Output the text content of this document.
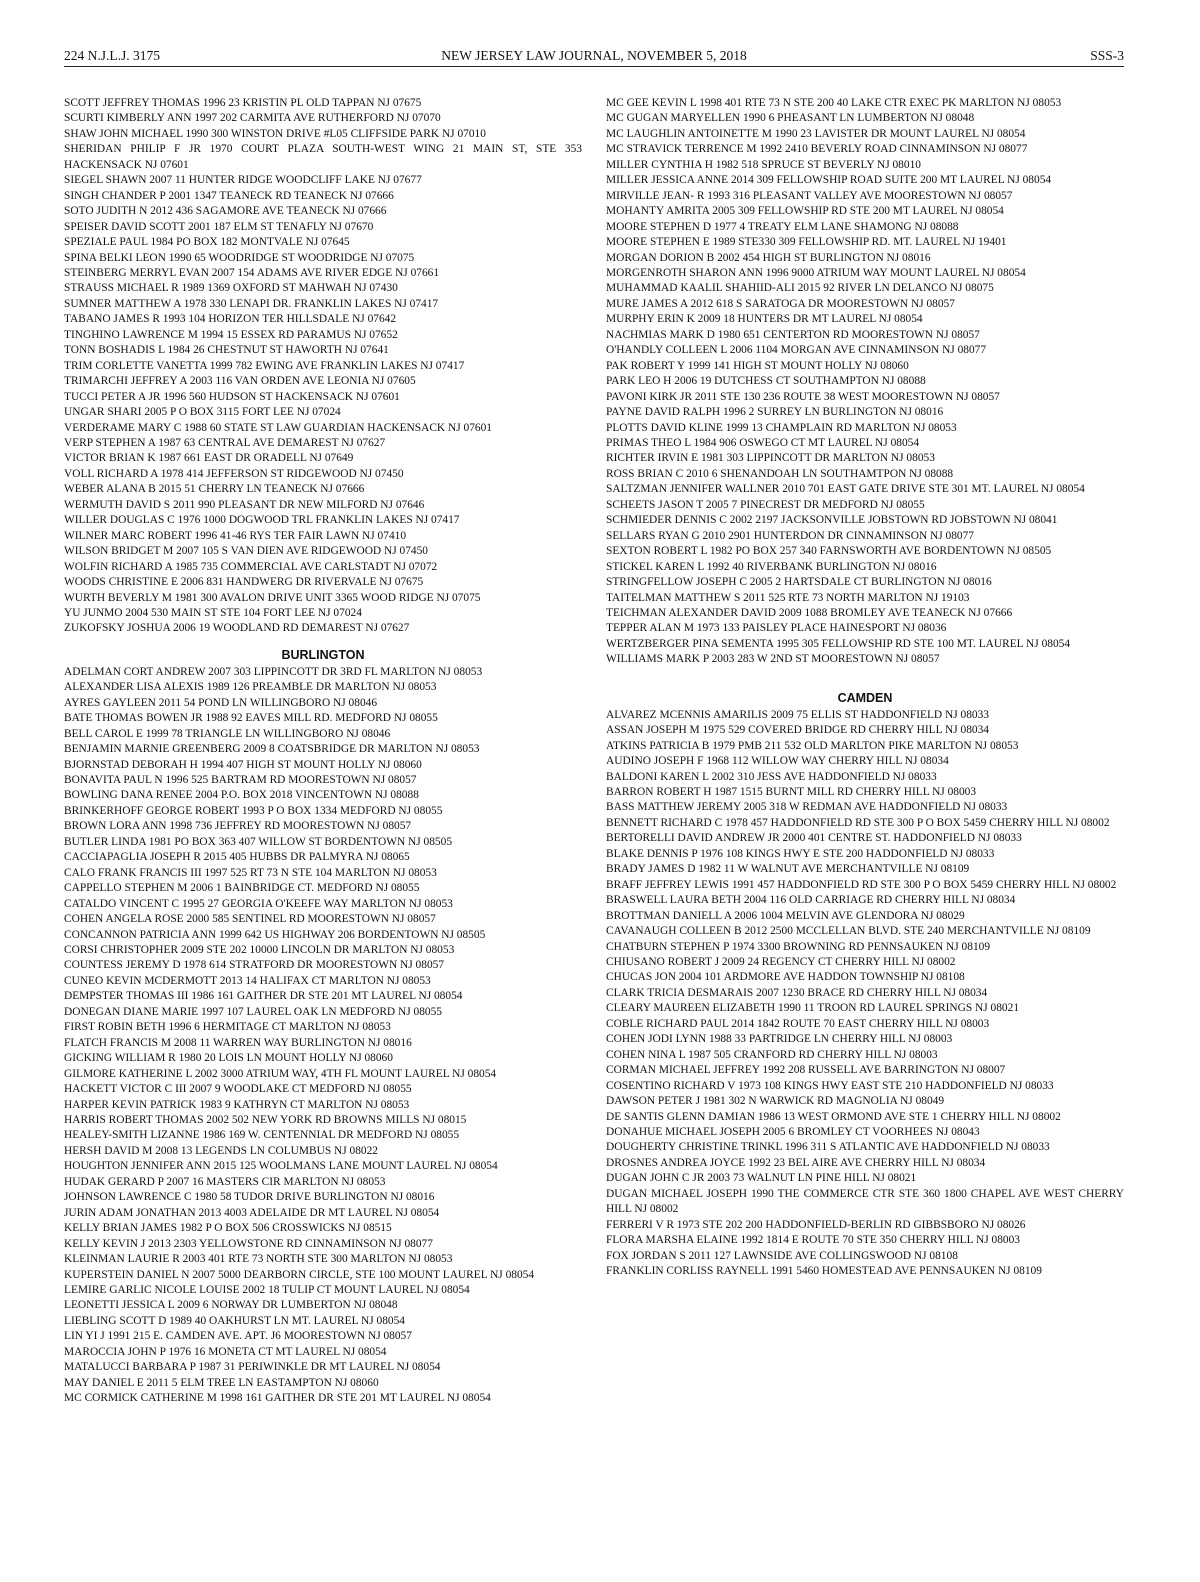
224 N.J.L.J. 3175	NEW JERSEY LAW JOURNAL, NOVEMBER 5, 2018	SSS-3
SCOTT JEFFREY THOMAS 1996 23 KRISTIN PL OLD TAPPAN NJ 07675
SCURTI KIMBERLY ANN 1997 202 CARMITA AVE RUTHERFORD NJ 07070
SHAW JOHN MICHAEL 1990 300 WINSTON DRIVE #L05 CLIFFSIDE PARK NJ 07010
SHERIDAN PHILIP F JR 1970 COURT PLAZA SOUTH-WEST WING 21 MAIN ST, STE 353 HACKENSACK NJ 07601
SIEGEL SHAWN 2007 11 HUNTER RIDGE WOODCLIFF LAKE NJ 07677
SINGH CHANDER P 2001 1347 TEANECK RD TEANECK NJ 07666
SOTO JUDITH N 2012 436 SAGAMORE AVE TEANECK NJ 07666
SPEISER DAVID SCOTT 2001 187 ELM ST TENAFLY NJ 07670
SPEZIALE PAUL 1984 PO BOX 182 MONTVALE NJ 07645
SPINA BELKI LEON 1990 65 WOODRIDGE ST WOODRIDGE NJ 07075
STEINBERG MERRYL EVAN 2007 154 ADAMS AVE RIVER EDGE NJ 07661
STRAUSS MICHAEL R 1989 1369 OXFORD ST MAHWAH NJ 07430
SUMNER MATTHEW A 1978 330 LENAPI DR. FRANKLIN LAKES NJ 07417
TABANO JAMES R 1993 104 HORIZON TER HILLSDALE NJ 07642
TINGHINO LAWRENCE M 1994 15 ESSEX RD PARAMUS NJ 07652
TONN BOSHADIS L 1984 26 CHESTNUT ST HAWORTH NJ 07641
TRIM CORLETTE VANETTA 1999 782 EWING AVE FRANKLIN LAKES NJ 07417
TRIMARCHI JEFFREY A 2003 116 VAN ORDEN AVE LEONIA NJ 07605
TUCCI PETER A JR 1996 560 HUDSON ST HACKENSACK NJ 07601
UNGAR SHARI 2005 P O BOX 3115 FORT LEE NJ 07024
VERDERAME MARY C 1988 60 STATE ST LAW GUARDIAN HACKENSACK NJ 07601
VERP STEPHEN A 1987 63 CENTRAL AVE DEMAREST NJ 07627
VICTOR BRIAN K 1987 661 EAST DR ORADELL NJ 07649
VOLL RICHARD A 1978 414 JEFFERSON ST RIDGEWOOD NJ 07450
WEBER ALANA B 2015 51 CHERRY LN TEANECK NJ 07666
WERMUTH DAVID S 2011 990 PLEASANT DR NEW MILFORD NJ 07646
WILLER DOUGLAS C 1976 1000 DOGWOOD TRL FRANKLIN LAKES NJ 07417
WILNER MARC ROBERT 1996 41-46 RYS TER FAIR LAWN NJ 07410
WILSON BRIDGET M 2007 105 S VAN DIEN AVE RIDGEWOOD NJ 07450
WOLFIN RICHARD A 1985 735 COMMERCIAL AVE CARLSTADT NJ 07072
WOODS CHRISTINE E 2006 831 HANDWERG DR RIVERVALE NJ 07675
WURTH BEVERLY M 1981 300 AVALON DRIVE UNIT 3365 WOOD RIDGE NJ 07075
YU JUNMO 2004 530 MAIN ST STE 104 FORT LEE NJ 07024
ZUKOFSKY JOSHUA 2006 19 WOODLAND RD DEMAREST NJ 07627
BURLINGTON
ADELMAN CORT ANDREW 2007 303 LIPPINCOTT DR 3RD FL MARLTON NJ 08053
ALEXANDER LISA ALEXIS 1989 126 PREAMBLE DR MARLTON NJ 08053
AYRES GAYLEEN 2011 54 POND LN WILLINGBORO NJ 08046
BATE THOMAS BOWEN JR 1988 92 EAVES MILL RD. MEDFORD NJ 08055
BELL CAROL E 1999 78 TRIANGLE LN WILLINGBORO NJ 08046
BENJAMIN MARNIE GREENBERG 2009 8 COATSBRIDGE DR MARLTON NJ 08053
BJORNSTAD DEBORAH H 1994 407 HIGH ST MOUNT HOLLY NJ 08060
BONAVITA PAUL N 1996 525 BARTRAM RD MOORESTOWN NJ 08057
BOWLING DANA RENEE 2004 P.O. BOX 2018 VINCENTOWN NJ 08088
BRINKERHOFF GEORGE ROBERT 1993 P O BOX 1334 MEDFORD NJ 08055
BROWN LORA ANN 1998 736 JEFFREY RD MOORESTOWN NJ 08057
BUTLER LINDA 1981 PO BOX 363 407 WILLOW ST BORDENTOWN NJ 08505
CACCIAPAGLIA JOSEPH R 2015 405 HUBBS DR PALMYRA NJ 08065
CALO FRANK FRANCIS III 1997 525 RT 73 N STE 104 MARLTON NJ 08053
CAPPELLO STEPHEN M 2006 1 BAINBRIDGE CT. MEDFORD NJ 08055
CATALDO VINCENT C 1995 27 GEORGIA O'KEEFE WAY MARLTON NJ 08053
COHEN ANGELA ROSE 2000 585 SENTINEL RD MOORESTOWN NJ 08057
CONCANNON PATRICIA ANN 1999 642 US HIGHWAY 206 BORDENTOWN NJ 08505
CORSI CHRISTOPHER 2009 STE 202 10000 LINCOLN DR MARLTON NJ 08053
COUNTESS JEREMY D 1978 614 STRATFORD DR MOORESTOWN NJ 08057
CUNEO KEVIN MCDERMOTT 2013 14 HALIFAX CT MARLTON NJ 08053
DEMPSTER THOMAS III 1986 161 GAITHER DR STE 201 MT LAUREL NJ 08054
DONEGAN DIANE MARIE 1997 107 LAUREL OAK LN MEDFORD NJ 08055
FIRST ROBIN BETH 1996 6 HERMITAGE CT MARLTON NJ 08053
FLATCH FRANCIS M 2008 11 WARREN WAY BURLINGTON NJ 08016
GICKING WILLIAM R 1980 20 LOIS LN MOUNT HOLLY NJ 08060
GILMORE KATHERINE L 2002 3000 ATRIUM WAY, 4TH FL MOUNT LAUREL NJ 08054
HACKETT VICTOR C III 2007 9 WOODLAKE CT MEDFORD NJ 08055
HARPER KEVIN PATRICK 1983 9 KATHRYN CT MARLTON NJ 08053
HARRIS ROBERT THOMAS 2002 502 NEW YORK RD BROWNS MILLS NJ 08015
HEALEY-SMITH LIZANNE 1986 169 W. CENTENNIAL DR MEDFORD NJ 08055
HERSH DAVID M 2008 13 LEGENDS LN COLUMBUS NJ 08022
HOUGHTON JENNIFER ANN 2015 125 WOOLMANS LANE MOUNT LAUREL NJ 08054
HUDAK GERARD P 2007 16 MASTERS CIR MARLTON NJ 08053
JOHNSON LAWRENCE C 1980 58 TUDOR DRIVE BURLINGTON NJ 08016
JURIN ADAM JONATHAN 2013 4003 ADELAIDE DR MT LAUREL NJ 08054
KELLY BRIAN JAMES 1982 P O BOX 506 CROSSWICKS NJ 08515
KELLY KEVIN J 2013 2303 YELLOWSTONE RD CINNAMINSON NJ 08077
KLEINMAN LAURIE R 2003 401 RTE 73 NORTH STE 300 MARLTON NJ 08053
KUPERSTEIN DANIEL N 2007 5000 DEARBORN CIRCLE, STE 100 MOUNT LAUREL NJ 08054
LEMIRE GARLIC NICOLE LOUISE 2002 18 TULIP CT MOUNT LAUREL NJ 08054
LEONETTI JESSICA L 2009 6 NORWAY DR LUMBERTON NJ 08048
LIEBLING SCOTT D 1989 40 OAKHURST LN MT. LAUREL NJ 08054
LIN YI J 1991 215 E. CAMDEN AVE. APT. J6 MOORESTOWN NJ 08057
MAROCCIA JOHN P 1976 16 MONETA CT MT LAUREL NJ 08054
MATALUCCI BARBARA P 1987 31 PERIWINKLE DR MT LAUREL NJ 08054
MAY DANIEL E 2011 5 ELM TREE LN EASTAMPTON NJ 08060
MC CORMICK CATHERINE M 1998 161 GAITHER DR STE 201 MT LAUREL NJ 08054
MC GEE KEVIN L 1998 401 RTE 73 N STE 200 40 LAKE CTR EXEC PK MARLTON NJ 08053
MC GUGAN MARYELLEN 1990 6 PHEASANT LN LUMBERTON NJ 08048
MC LAUGHLIN ANTOINETTE M 1990 23 LAVISTER DR MOUNT LAUREL NJ 08054
MC STRAVICK TERRENCE M 1992 2410 BEVERLY ROAD CINNAMINSON NJ 08077
MILLER CYNTHIA H 1982 518 SPRUCE ST BEVERLY NJ 08010
MILLER JESSICA ANNE 2014 309 FELLOWSHIP ROAD SUITE 200 MT LAUREL NJ 08054
MIRVILLE JEAN- R 1993 316 PLEASANT VALLEY AVE MOORESTOWN NJ 08057
MOHANTY AMRITA 2005 309 FELLOWSHIP RD STE 200 MT LAUREL NJ 08054
MOORE STEPHEN D 1977 4 TREATY ELM LANE SHAMONG NJ 08088
MOORE STEPHEN E 1989 STE330 309 FELLOWSHIP RD. MT. LAUREL NJ 19401
MORGAN DORION B 2002 454 HIGH ST BURLINGTON NJ 08016
MORGENROTH SHARON ANN 1996 9000 ATRIUM WAY MOUNT LAUREL NJ 08054
MUHAMMAD KAALIL SHAHIID-ALI 2015 92 RIVER LN DELANCO NJ 08075
MURE JAMES A 2012 618 S SARATOGA DR MOORESTOWN NJ 08057
MURPHY ERIN K 2009 18 HUNTERS DR MT LAUREL NJ 08054
NACHMIAS MARK D 1980 651 CENTERTON RD MOORESTOWN NJ 08057
O'HANDLY COLLEEN L 2006 1104 MORGAN AVE CINNAMINSON NJ 08077
PAK ROBERT Y 1999 141 HIGH ST MOUNT HOLLY NJ 08060
PARK LEO H 2006 19 DUTCHESS CT SOUTHAMPTON NJ 08088
PAVONI KIRK JR 2011 STE 130 236 ROUTE 38 WEST MOORESTOWN NJ 08057
PAYNE DAVID RALPH 1996 2 SURREY LN BURLINGTON NJ 08016
PLOTTS DAVID KLINE 1999 13 CHAMPLAIN RD MARLTON NJ 08053
PRIMAS THEO L 1984 906 OSWEGO CT MT LAUREL NJ 08054
RICHTER IRVIN E 1981 303 LIPPINCOTT DR MARLTON NJ 08053
ROSS BRIAN C 2010 6 SHENANDOAH LN SOUTHAMTPON NJ 08088
SALTZMAN JENNIFER WALLNER 2010 701 EAST GATE DRIVE STE 301 MT. LAUREL NJ 08054
SCHEETS JASON T 2005 7 PINECREST DR MEDFORD NJ 08055
SCHMIEDER DENNIS C 2002 2197 JACKSONVILLE JOBSTOWN RD JOBSTOWN NJ 08041
SELLARS RYAN G 2010 2901 HUNTERDON DR CINNAMINSON NJ 08077
SEXTON ROBERT L 1982 PO BOX 257 340 FARNSWORTH AVE BORDENTOWN NJ 08505
STICKEL KAREN L 1992 40 RIVERBANK BURLINGTON NJ 08016
STRINGFELLOW JOSEPH C 2005 2 HARTSDALE CT BURLINGTON NJ 08016
TAITELMAN MATTHEW S 2011 525 RTE 73 NORTH MARLTON NJ 19103
TEICHMAN ALEXANDER DAVID 2009 1088 BROMLEY AVE TEANECK NJ 07666
TEPPER ALAN M 1973 133 PAISLEY PLACE HAINESPORT NJ 08036
WERTZBERGER PINA SEMENTA 1995 305 FELLOWSHIP RD STE 100 MT. LAUREL NJ 08054
WILLIAMS MARK P 2003 283 W 2ND ST MOORESTOWN NJ 08057
CAMDEN
ALVAREZ MCENNIS AMARILIS 2009 75 ELLIS ST HADDONFIELD NJ 08033
ASSAN JOSEPH M 1975 529 COVERED BRIDGE RD CHERRY HILL NJ 08034
ATKINS PATRICIA B 1979 PMB 211 532 OLD MARLTON PIKE MARLTON NJ 08053
AUDINO JOSEPH F 1968 112 WILLOW WAY CHERRY HILL NJ 08034
BALDONI KAREN L 2002 310 JESS AVE HADDONFIELD NJ 08033
BARRON ROBERT H 1987 1515 BURNT MILL RD CHERRY HILL NJ 08003
BASS MATTHEW JEREMY 2005 318 W REDMAN AVE HADDONFIELD NJ 08033
BENNETT RICHARD C 1978 457 HADDONFIELD RD STE 300 P O BOX 5459 CHERRY HILL NJ 08002
BERTORELLI DAVID ANDREW JR 2000 401 CENTRE ST. HADDONFIELD NJ 08033
BLAKE DENNIS P 1976 108 KINGS HWY E STE 200 HADDONFIELD NJ 08033
BRADY JAMES D 1982 11 W WALNUT AVE MERCHANTVILLE NJ 08109
BRAFF JEFFREY LEWIS 1991 457 HADDONFIELD RD STE 300 P O BOX 5459 CHERRY HILL NJ 08002
BRASWELL LAURA BETH 2004 116 OLD CARRIAGE RD CHERRY HILL NJ 08034
BROTTMAN DANIELL A 2006 1004 MELVIN AVE GLENDORA NJ 08029
CAVANAUGH COLLEEN B 2012 2500 MCCLELLAN BLVD. STE 240 MERCHANTVILLE NJ 08109
CHATBURN STEPHEN P 1974 3300 BROWNING RD PENNSAUKEN NJ 08109
CHIUSANO ROBERT J 2009 24 REGENCY CT CHERRY HILL NJ 08002
CHUCAS JON 2004 101 ARDMORE AVE HADDON TOWNSHIP NJ 08108
CLARK TRICIA DESMARAIS 2007 1230 BRACE RD CHERRY HILL NJ 08034
CLEARY MAUREEN ELIZABETH 1990 11 TROON RD LAUREL SPRINGS NJ 08021
COBLE RICHARD PAUL 2014 1842 ROUTE 70 EAST CHERRY HILL NJ 08003
COHEN JODI LYNN 1988 33 PARTRIDGE LN CHERRY HILL NJ 08003
COHEN NINA L 1987 505 CRANFORD RD CHERRY HILL NJ 08003
CORMAN MICHAEL JEFFREY 1992 208 RUSSELL AVE BARRINGTON NJ 08007
COSENTINO RICHARD V 1973 108 KINGS HWY EAST STE 210 HADDONFIELD NJ 08033
DAWSON PETER J 1981 302 N WARWICK RD MAGNOLIA NJ 08049
DE SANTIS GLENN DAMIAN 1986 13 WEST ORMOND AVE STE 1 CHERRY HILL NJ 08002
DONAHUE MICHAEL JOSEPH 2005 6 BROMLEY CT VOORHEES NJ 08043
DOUGHERTY CHRISTINE TRINKL 1996 311 S ATLANTIC AVE HADDONFIELD NJ 08033
DROSNES ANDREA JOYCE 1992 23 BEL AIRE AVE CHERRY HILL NJ 08034
DUGAN JOHN C JR 2003 73 WALNUT LN PINE HILL NJ 08021
DUGAN MICHAEL JOSEPH 1990 THE COMMERCE CTR STE 360 1800 CHAPEL AVE WEST CHERRY HILL NJ 08002
FERRERI V R 1973 STE 202 200 HADDONFIELD-BERLIN RD GIBBSBORO NJ 08026
FLORA MARSHA ELAINE 1992 1814 E ROUTE 70 STE 350 CHERRY HILL NJ 08003
FOX JORDAN S 2011 127 LAWNSIDE AVE COLLINGSWOOD NJ 08108
FRANKLIN CORLISS RAYNELL 1991 5460 HOMESTEAD AVE PENNSAUKEN NJ 08109
